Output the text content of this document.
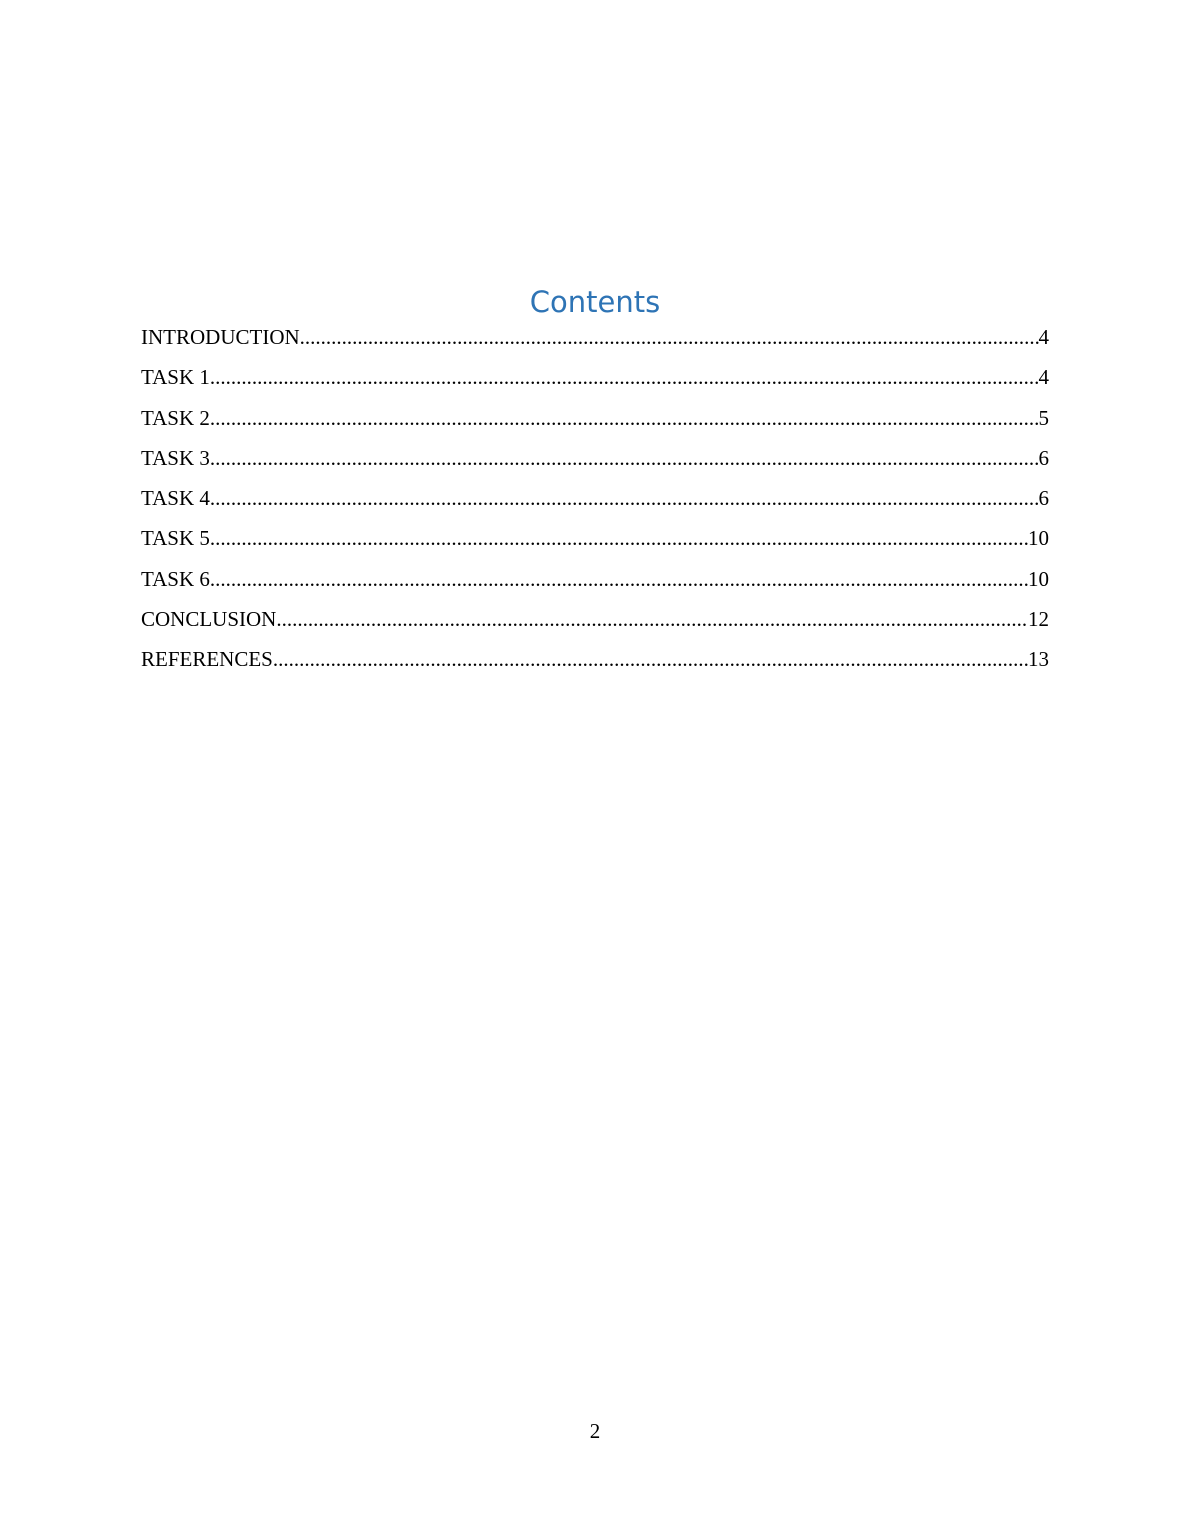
Contents
INTRODUCTION .....	4
TASK 1 .....	4
TASK 2 .....	5
TASK 3 .....	6
TASK 4 .....	6
TASK 5 .....	10
TASK 6 .....	10
CONCLUSION .....	12
REFERENCES .....	13
2
